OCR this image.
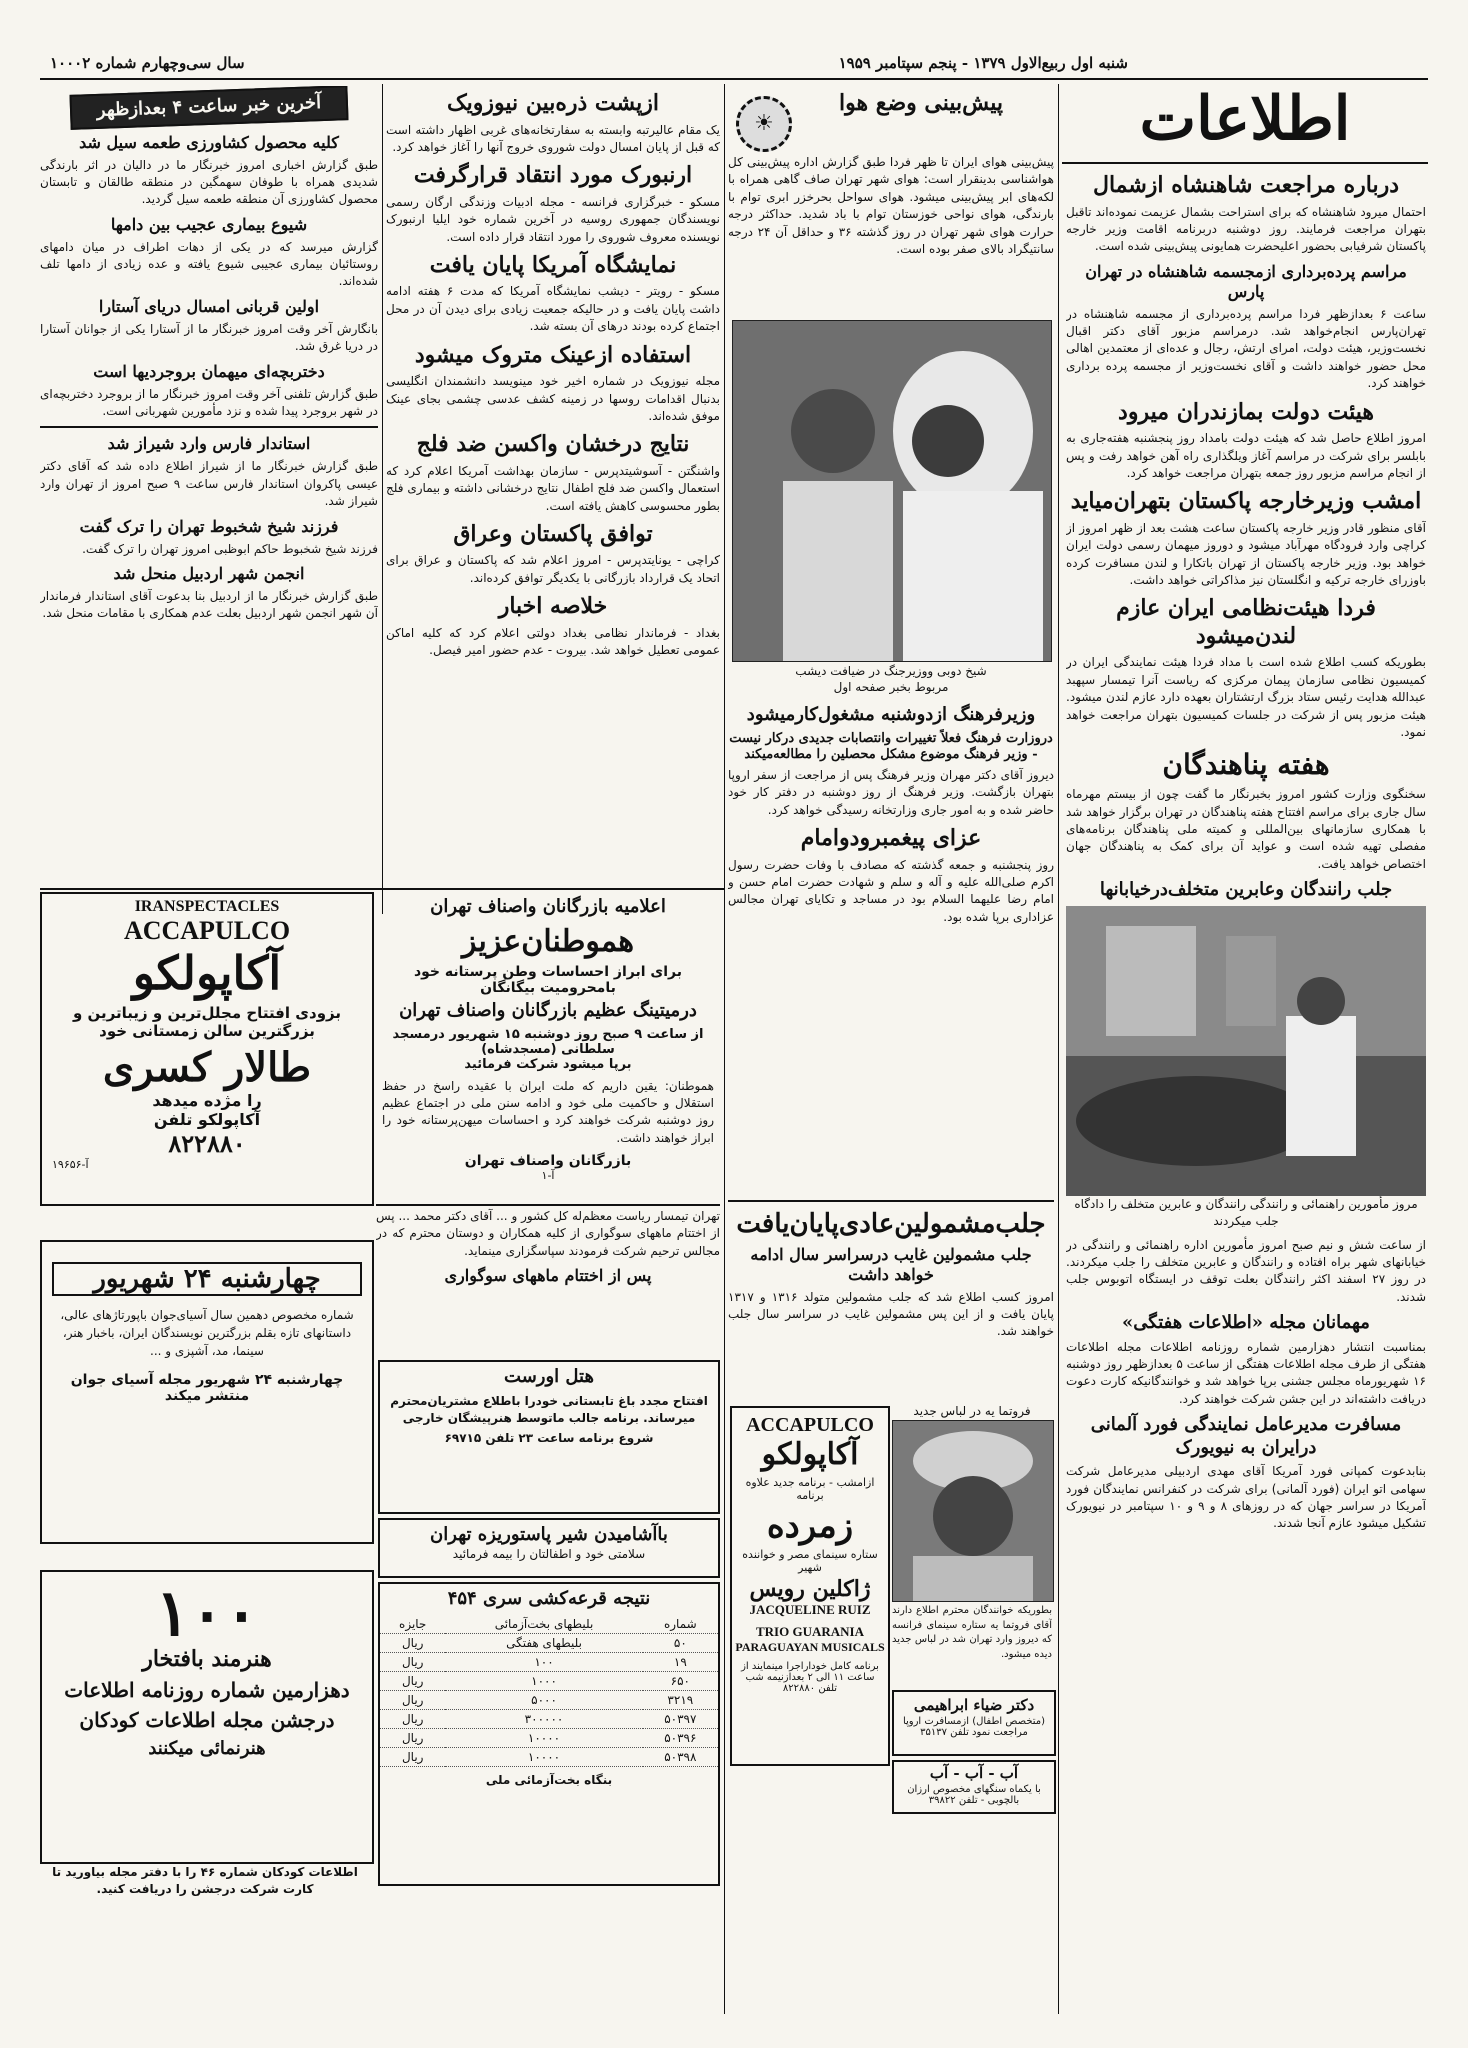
شنبه اول ربیع‌الاول ۱۳۷۹ - پنجم سپتامبر ۱۹۵۹
سال سی‌وچهارم شماره ۱۰۰۰۲
اطلاعات
درباره مراجعت شاهنشاه ازشمال

احتمال میرود شاهنشاه که برای استراحت بشمال عزیمت نموده‌اند تاقبل بتهران مراجعت فرمایند. روز دوشنبه دربرنامه اقامت وزیر خارجه پاکستان شرفیابی بحضور اعلیحضرت همایونی پیش‌بینی شده است.

مراسم پرده‌برداری ازمجسمه شاهنشاه در تهران پارس

ساعت ۶ بعدازظهر فردا مراسم پرده‌برداری از مجسمه شاهنشاه در تهران‌پارس انجام‌خواهد شد. درمراسم مزبور آقای دکتر اقبال نخست‌وزیر، هیئت دولت، امرای ارتش، رجال و عده‌ای از معتمدین اهالی محل حضور خواهند داشت و آقای نخست‌وزیر از مجسمه پرده برداری خواهند کرد.

هیئت دولت بمازندران میرود

امروز اطلاع حاصل شد که هیئت دولت بامداد روز پنجشنبه هفته‌جاری به بابلسر برای شرکت در مراسم آغاز ویلگذاری راه آهن خواهد رفت و پس از انجام مراسم مزبور روز جمعه بتهران مراجعت خواهد کرد.

امشب وزیرخارجه پاکستان بتهران‌میاید

آقای منظور قادر وزیر خارجه پاکستان ساعت هشت بعد از ظهر امروز از کراچی وارد فرودگاه مهرآباد میشود و دوروز میهمان رسمی دولت ایران خواهد بود. وزیر خارجه پاکستان از تهران باتکارا و لندن مسافرت کرده باوزرای خارجه ترکیه و انگلستان نیز مذاکراتی خواهد داشت.

فردا هیئت‌نظامی ایران عازم لندن‌میشود

بطوریکه کسب اطلاع شده است با مداد فردا هیئت نمایندگی ایران در کمیسیون نظامی سازمان پیمان مرکزی که ریاست آنرا تیمسار سپهبد عبدالله هدایت رئیس ستاد بزرگ ارتشتاران بعهده دارد عازم لندن میشود. هیئت مزبور پس از شرکت در جلسات کمیسیون بتهران مراجعت خواهد نمود.

هفته پناهندگان

سخنگوی وزارت کشور امروز بخبرنگار ما گفت چون از بیستم مهرماه سال جاری برای مراسم افتتاح هفته پناهندگان در تهران برگزار خواهد شد با همکاری سازمانهای بین‌المللی و کمیته ملی پناهندگان برنامه‌های مفصلی تهیه شده است و عواید آن برای کمک به پناهندگان جهان اختصاص خواهد یافت.

جلب رانندگان وعابرین متخلف‌درخیابانها

مروز مأمورین راهنمائی و رانندگی رانندگان و عابرین متخلف را دادگاه جلب میکردند

از ساعت شش و نیم صبح امروز مأمورین اداره راهنمائی و رانندگی در خیابانهای شهر براه افتاده و رانندگان و عابرین متخلف را جلب میکردند. در روز ۲۷ اسفند اکثر رانندگان بعلت توقف در ایستگاه اتوبوس جلب شدند.

مهمانان مجله «اطلاعات هفتگی»

بمناسبت انتشار دهزارمین شماره روزنامه اطلاعات مجله اطلاعات هفتگی از طرف مجله اطلاعات هفتگی از ساعت ۵ بعدازظهر روز دوشنبه ۱۶ شهریورماه مجلس جشنی برپا خواهد شد و خوانندگانیکه کارت دعوت دریافت داشته‌اند در این جشن شرکت خواهند کرد.

مسافرت مدیرعامل نمایندگی فورد آلمانی درایران به نیویورک

بنابدعوت کمپانی فورد آمریکا آقای مهدی اردبیلی مدیرعامل شرکت سهامی اتو ایران (فورد آلمانی) برای شرکت در کنفرانس نمایندگان فورد آمریکا در سراسر جهان که در روزهای ۸ و ۹ و ۱۰ سپتامبر در نیویورک تشکیل میشود عازم آنجا شدند.

☀
پیش‌بینی وضع هوا

پیش‌بینی هوای ایران تا ظهر فردا طبق گزارش اداره پیش‌بینی کل هواشناسی بدینقرار است: هوای شهر تهران صاف گاهی همراه با لکه‌های ابر پیش‌بینی میشود. هوای سواحل بحرخزر ابری توام با بارندگی، هوای نواحی خوزستان توام با باد شدید. حداکثر درجه حرارت هوای شهر تهران در روز گذشته ۳۶ و حداقل آن ۲۴ درجه سانتیگراد بالای صفر بوده است.

شیخ دوبی ووزیرجنگ در ضیافت دیشب
مربوط بخبر صفحه اول
وزیرفرهنگ ازدوشنبه مشغول‌کارمیشود
دروزارت فرهنگ فعلاً تغییرات وانتصابات جدیدی درکار نیست - وزیر فرهنگ موضوع مشکل محصلین را مطالعه‌میکند

دیروز آقای دکتر مهران وزیر فرهنگ پس از مراجعت از سفر اروپا بتهران بازگشت. وزیر فرهنگ از روز دوشنبه در دفتر کار خود حاضر شده و به امور جاری وزارتخانه رسیدگی خواهد کرد.

عزای پیغمبرودوامام

روز پنجشنبه و جمعه گذشته که مصادف با وفات حضرت رسول اکرم صلی‌الله علیه و آله و سلم و شهادت حضرت امام حسن و امام رضا علیهما السلام بود در مساجد و تکایای تهران مجالس عزاداری برپا شده بود.

جلب‌مشمولین‌عادی‌پایان‌یافت
جلب مشمولین غایب درسراسر سال ادامه خواهد داشت

امروز کسب اطلاع شد که جلب مشمولین متولد ۱۳۱۶ و ۱۳۱۷ پایان یافت و از این پس مشمولین غایب در سراسر سال جلب خواهند شد.

فروتما یه در لباس جدید

بطوریکه خوانندگان محترم اطلاع دارند آقای فروتما یه ستاره سینمای فرانسه که دیروز وارد تهران شد در لباس جدید دیده میشود.

ACCAPULCO
آکاپولکو
ازامشب - برنامه جدید علاوه برنامه
زمرده
ستاره سینمای مصر و خواننده شهیر
ژاکلین رویس
JACQUELINE RUIZ
TRIO GUARANIA
PARAGUAYAN MUSICALS
برنامه کامل خوداراجرا مینمایند از ساعت ۱۱ الی ۲ بعدازنیمه شب تلفن ۸۲۲۸۸۰
دکتر ضیاء ابراهیمی
(متخصص اطفال) ازمسافرت اروپا مراجعت نمود تلفن ۳۵۱۳۷
آب - آب - آب
با یکماه سنگهای مخصوص ارزان بالچوبی - تلفن ۳۹۸۲۲
ازپشت ذره‌بین نیوزویک

یک مقام عالیرتبه وابسته به سفارتخانه‌های غربی اظهار داشته است که قبل از پایان امسال دولت شوروی خروج آنها را آغاز خواهد کرد.

ارنبورک مورد انتقاد قرارگرفت

مسکو - خبرگزاری فرانسه - مجله ادبیات وزندگی ارگان رسمی نویسندگان جمهوری روسیه در آخرین شماره خود ایلیا ارنبورک نویسنده معروف شوروی را مورد انتقاد قرار داده است.

نمایشگاه آمریکا پایان یافت

مسکو - رویتر - دیشب نمایشگاه آمریکا که مدت ۶ هفته ادامه داشت پایان یافت و در حالیکه جمعیت زیادی برای دیدن آن در محل اجتماع کرده بودند درهای آن بسته شد.

استفاده ازعینک متروک میشود

مجله نیوزویک در شماره اخیر خود مینویسد دانشمندان انگلیسی بدنبال اقدامات روسها در زمینه کشف عدسی چشمی بجای عینک موفق شده‌اند.

نتایج درخشان واکسن ضد فلج

واشنگتن - آسوشیتدپرس - سازمان بهداشت آمریکا اعلام کرد که استعمال واکسن ضد فلج اطفال نتایج درخشانی داشته و بیماری فلج بطور محسوسی کاهش یافته است.

توافق پاکستان وعراق

کراچی - یونایتدپرس - امروز اعلام شد که پاکستان و عراق برای اتحاد یک قرارداد بازرگانی با یکدیگر توافق کرده‌اند.

خلاصه اخبار

بغداد - فرماندار نظامی بغداد دولتی اعلام کرد که کلیه اماکن عمومی تعطیل خواهد شد. بیروت - عدم حضور امیر فیصل.

آخرین خبر ساعت ۴ بعدازظهر
کلیه محصول کشاورزی طعمه سیل شد

طبق گزارش اخباری امروز خبرنگار ما در دالیان در اثر بارندگی شدیدی همراه با طوفان سهمگین در منطقه طالقان و تابستان محصول کشاورزی آن منطقه طعمه سیل گردید.

شیوع بیماری عجیب بین دامها

گزارش میرسد که در یکی از دهات اطراف در میان دامهای روستائیان بیماری عجیبی شیوع یافته و عده زیادی از دامها تلف شده‌اند.

اولین قربانی امسال دریای آستارا

بانگارش آخر وقت امروز خبرنگار ما از آستارا یکی از جوانان آستارا در دریا غرق شد.

دختربچه‌ای میهمان بروجردیها است

طبق گزارش تلفنی آخر وقت امروز خبرنگار ما از بروجرد دختربچه‌ای در شهر بروجرد پیدا شده و نزد مأمورین شهربانی است.

استاندار فارس وارد شیراز شد

طبق گزارش خبرنگار ما از شیراز اطلاع داده شد که آقای دکتر عیسی پاکروان استاندار فارس ساعت ۹ صبح امروز از تهران وارد شیراز شد.

فرزند شیخ شخبوط تهران را ترک گفت

فرزند شیخ شخبوط حاکم ابوظبی امروز تهران را ترک گفت.

انجمن شهر اردبیل منحل شد

طبق گزارش خبرنگار ما از اردبیل بنا بدعوت آقای استاندار فرماندار آن شهر انجمن شهر اردبیل بعلت عدم همکاری با مقامات منحل شد.

IRANSPECTACLES
ACCAPULCO
آکاپولکو
بزودی افتتاح مجلل‌ترین و زیباترین و بزرگترین سالن زمستانی خود
طالار کسری
را مژده میدهد
آکاپولکو تلفن
۸۲۲۸۸۰
آ-۱۹۶۵۶
چهارشنبه ۲۴ شهریور
شماره مخصوص دهمین سال آسیای‌جوان باپورتاژهای عالی، داستانهای تازه بقلم بزرگترین نویسندگان ایران، باخبار هنر، سینما، مد، آشپزی و ...
چهارشنبه ۲۴ شهریور مجله آسیای جوان منتشر میکند
۱۰۰
هنرمند بافتخار
دهزارمین شماره روزنامه اطلاعات
درجشن مجله اطلاعات کودکان
هنرنمائی میکنند

اطلاعات کودکان شماره ۴۶ را با دفتر مجله بیاورید تا کارت شرکت درجشن را دریافت کنید.

اعلامیه بازرگانان واصناف تهران
هموطنان‌عزیز
برای ابراز احساسات وطن پرستانه خود بامحرومیت بیگانگان
درمیتینگ عظیم بازرگانان واصناف تهران
از ساعت ۹ صبح روز دوشنبه ۱۵ شهریور درمسجد سلطانی (مسجدشاه)
برپا میشود شرکت فرمائید

هموطنان: یقین داریم که ملت ایران با عقیده راسخ در حفظ استقلال و حاکمیت ملی خود و ادامه سنن ملی در اجتماع عظیم روز دوشنبه شرکت خواهند کرد و احساسات میهن‌پرستانه خود را ابراز خواهند داشت.

بازرگانان واصناف تهران
آ-۱

تهران تیمسار ریاست معظم‌له کل کشور و ... آقای دکتر محمد ... پس از اختتام ماههای سوگواری از کلیه همکاران و دوستان محترم که در مجالس ترحیم شرکت فرمودند سپاسگزاری مینماید.

پس از اختتام ماههای سوگواری
هتل اورست

افتتاح مجدد باغ تابستانی خودرا باطلاع مشتریان‌محترم میرساند. برنامه جالب ماتوسط هنرپیشگان خارجی

شروع برنامه ساعت ۲۳ تلفن ۶۹۷۱۵
باآشامیدن شیر پاستوریزه تهران
سلامتی خود و اطفالتان را بیمه فرمائید
نتیجه قرعه‌کشی سری ۴۵۴
شماره	بلیطهای بخت‌آزمائی	جایزه
۵۰	بلیطهای هفتگی	ریال
۱۹	۱۰۰	ریال
۶۵۰	۱۰۰۰	ریال
۳۲۱۹	۵۰۰۰	ریال
۵۰۳۹۷	۳۰۰۰۰۰	ریال
۵۰۳۹۶	۱۰۰۰۰	ریال
۵۰۳۹۸	۱۰۰۰۰	ریال
بنگاه بخت‌آزمائی ملی
